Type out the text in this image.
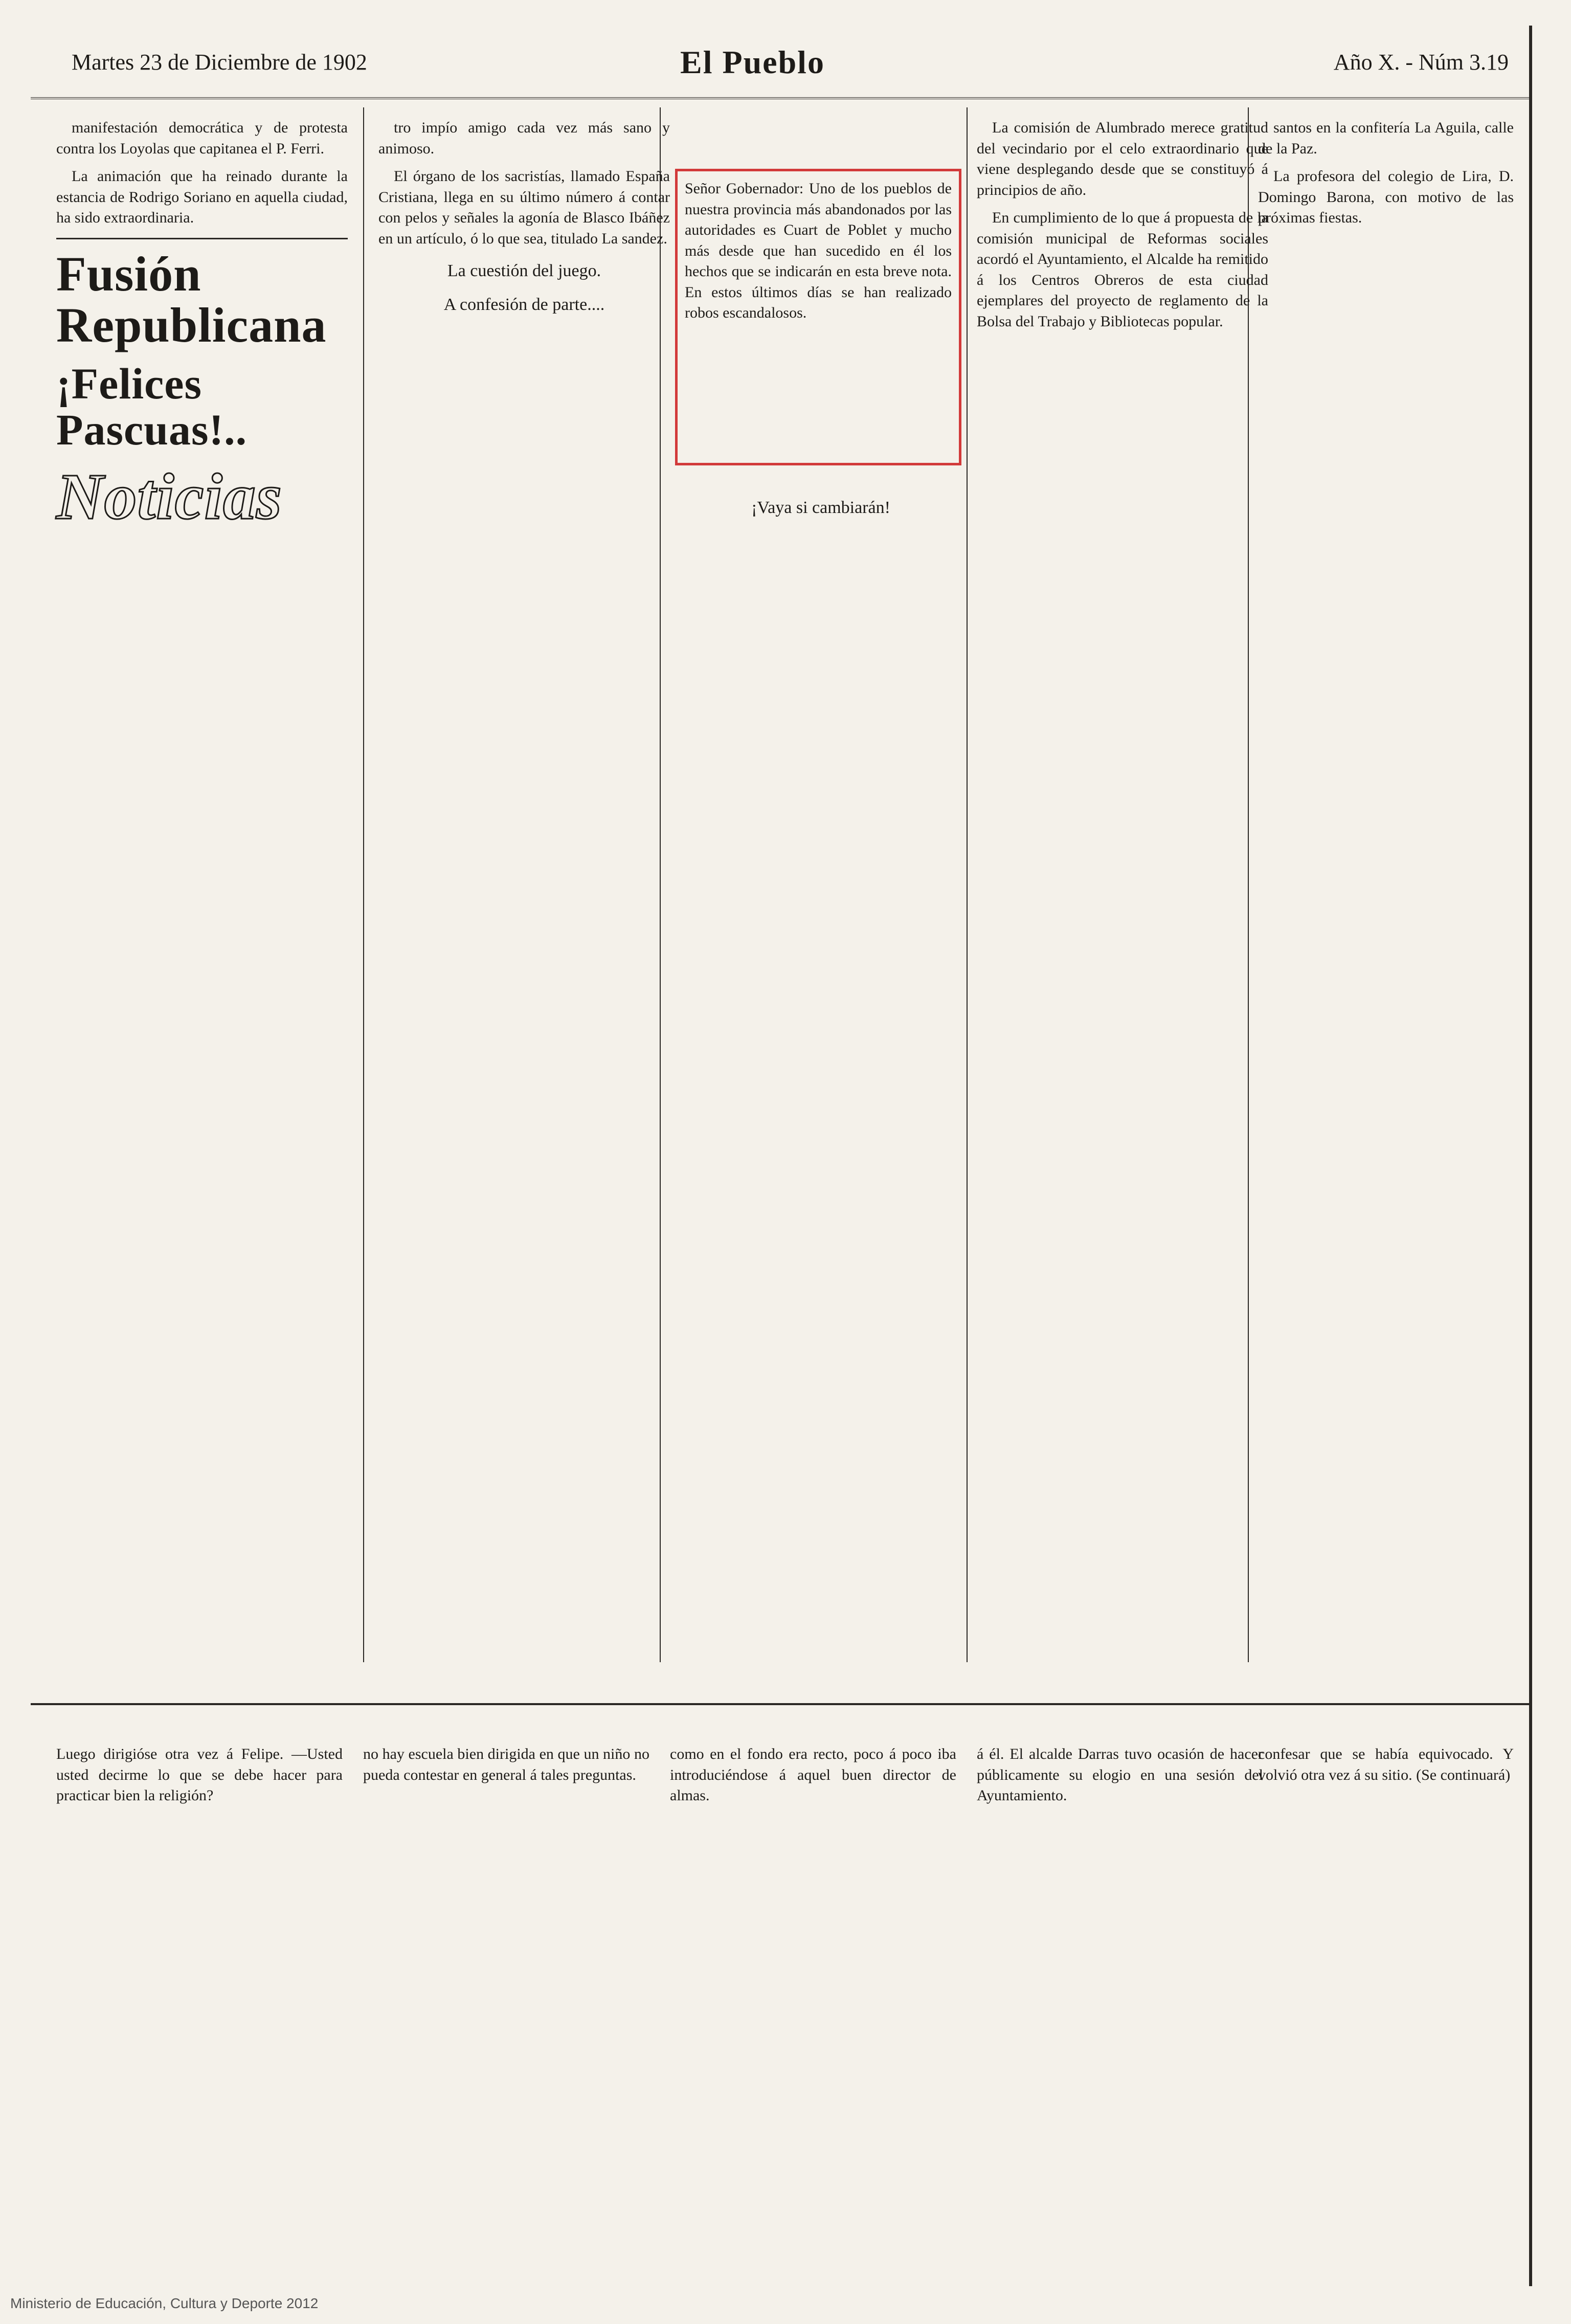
Martes 23 de Diciembre de 1902	El Pueblo	Año X. - Núm 3.19

manifestación democrática y de protesta contra los Loyolas que capitanea el P. Ferri.

La animación que ha reinado durante la estancia de Rodrigo Soriano en aquella ciudad, ha sido extraordinaria.

Fusión Republicana
¡Felices Pascuas!..
Noticias

tro impío amigo cada vez más sano y animoso.

El órgano de los sacristías, llamado España Cristiana, llega en su último número á contar con pelos y señales la agonía de Blasco Ibáñez en un artículo, ó lo que sea, titulado La sandez.

La cuestión del juego.
A confesión de parte....
Señor Gobernador: Uno de los pueblos de nuestra provincia más abandonados por las autoridades es Cuart de Poblet y mucho más desde que han sucedido en él los hechos que se indicarán en esta breve nota. En estos últimos días se han realizado robos escandalosos.
¡Vaya si cambiarán!

La comisión de Alumbrado merece gratitud del vecindario por el celo extraordinario que viene desplegando desde que se constituyó á principios de año.

En cumplimiento de lo que á propuesta de la comisión municipal de Reformas sociales acordó el Ayuntamiento, el Alcalde ha remitido á los Centros Obreros de esta ciudad ejemplares del proyecto de reglamento de la Bolsa del Trabajo y Bibliotecas popular.

santos en la confitería La Aguila, calle de la Paz.

La profesora del colegio de Lira, D. Domingo Barona, con motivo de las próximas fiestas.

Luego dirigióse otra vez á Felipe. —Usted usted decirme lo que se debe hacer para practicar bien la religión?
no hay escuela bien dirigida en que un niño no pueda contestar en general á tales preguntas.
como en el fondo era recto, poco á poco iba introduciéndose á aquel buen director de almas.
á él. El alcalde Darras tuvo ocasión de hacer públicamente su elogio en una sesión del Ayuntamiento.
confesar que se había equivocado. Y volvió otra vez á su sitio. (Se continuará)
Ministerio de Educación, Cultura y Deporte 2012
